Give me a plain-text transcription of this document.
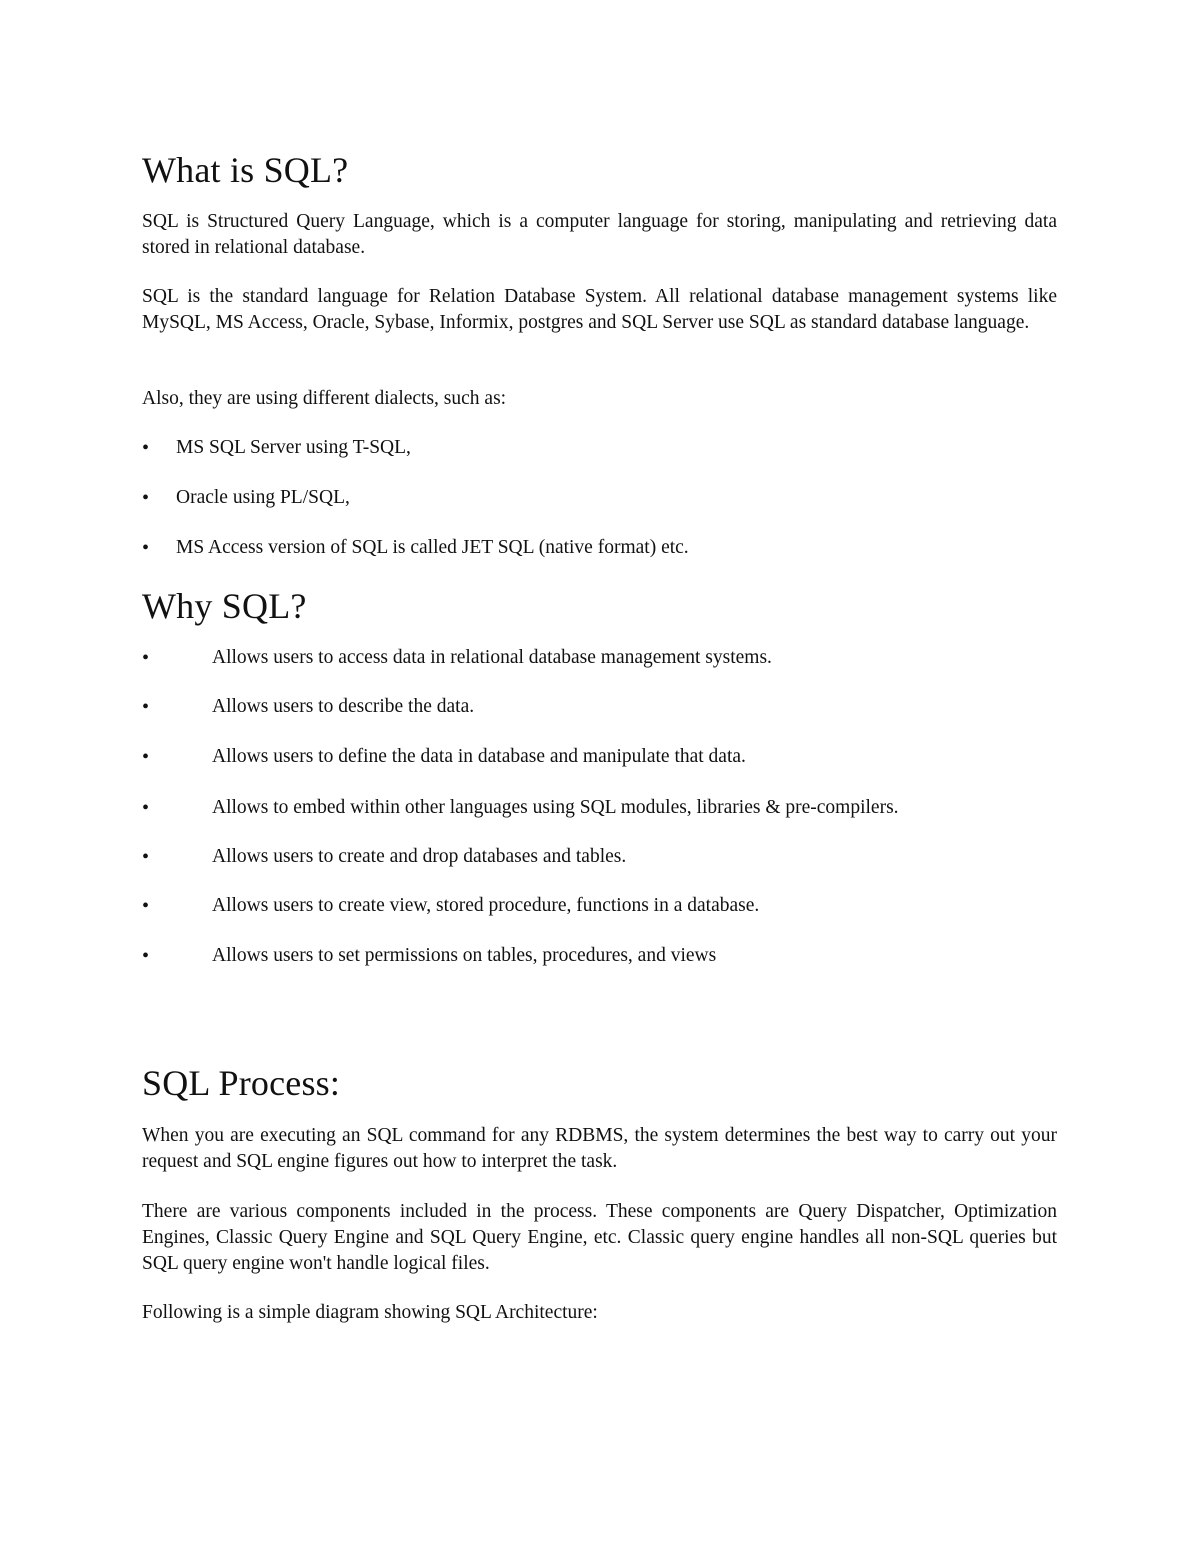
What is SQL?

SQL is Structured Query Language, which is a computer language for storing, manipulating and retrieving data stored in relational database.

SQL is the standard language for Relation Database System. All relational database management systems like MySQL, MS Access, Oracle, Sybase, Informix, postgres and SQL Server use SQL as standard database language.

Also, they are using different dialects, such as:

• MS SQL Server using T-SQL,
• Oracle using PL/SQL,
• MS Access version of SQL is called JET SQL (native format) etc.
Why SQL?
•	Allows users to access data in relational database management systems.
•	Allows users to describe the data.
•	Allows users to define the data in database and manipulate that data.
•	Allows to embed within other languages using SQL modules, libraries & pre-compilers.
•	Allows users to create and drop databases and tables.
•	Allows users to create view, stored procedure, functions in a database.
•	Allows users to set permissions on tables, procedures, and views
SQL Process:

When you are executing an SQL command for any RDBMS, the system determines the best way to carry out your request and SQL engine figures out how to interpret the task.

There are various components included in the process. These components are Query Dispatcher, Optimization Engines, Classic Query Engine and SQL Query Engine, etc. Classic query engine handles all non-SQL queries but SQL query engine won't handle logical files.

Following is a simple diagram showing SQL Architecture:
